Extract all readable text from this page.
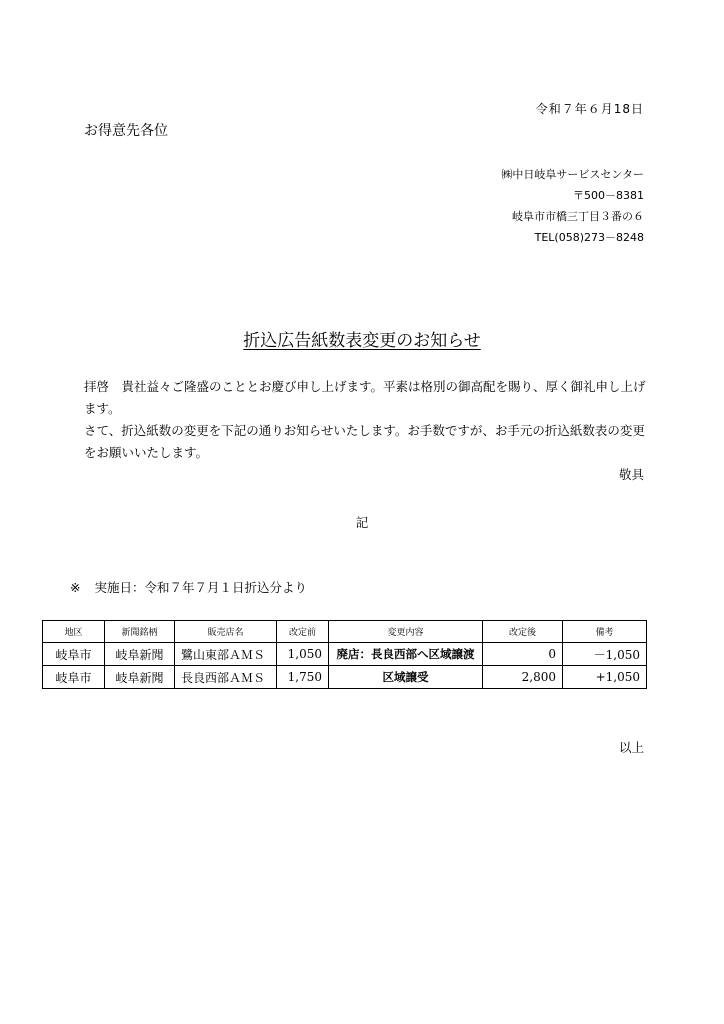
令和７年６月18日
お得意先各位
㈱中日岐阜サービスセンター
〒500－8381
岐阜市市橋三丁目３番の６
TEL(058)273－8248
折込広告紙数表変更のお知らせ

拝啓　貴社益々ご隆盛のこととお慶び申し上げます。平素は格別の御高配を賜り、厚く御礼申し上げます。

さて、折込紙数の変更を下記の通りお知らせいたします。お手数ですが、お手元の折込紙数表の変更をお願いいたします。

敬具
記
※ 実施日：令和７年７月１日折込分より
地区	新聞銘柄	販売店名	改定前	変更内容	改定後	備考
岐阜市	岐阜新聞	鷺山東部ＡＭＳ	1,050	廃店：長良西部へ区域譲渡	0	－1,050
岐阜市	岐阜新聞	長良西部ＡＭＳ	1,750	区域譲受	2,800	+1,050
以上
